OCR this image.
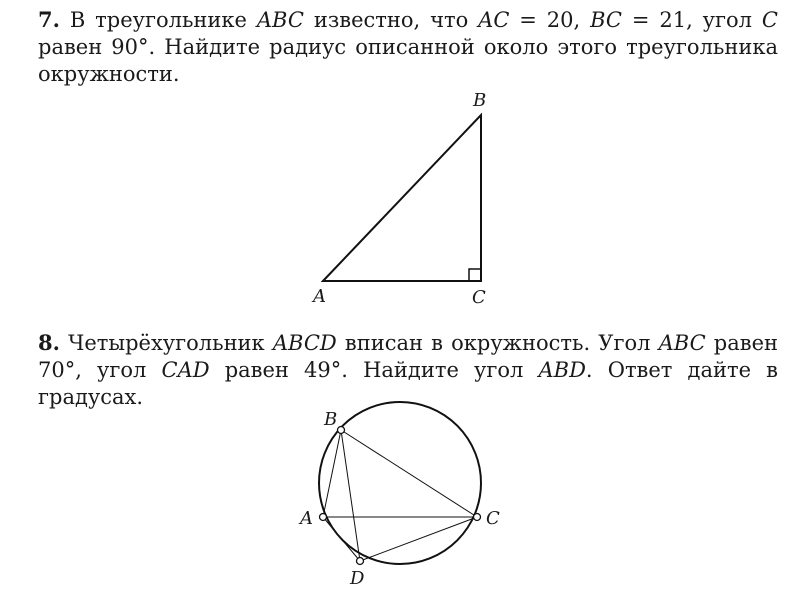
7. В треугольнике ABC известно, что AC = 20, BC = 21, угол C равен 90°. Найдите радиус описанной около этого треугольника окружности.
A
B
C
B
A	C
D
8. Четырёхугольник ABCD вписан в окружность. Угол ABC равен 70°, угол CAD равен 49°. Найдите угол ABD. Ответ дайте в градусах.
